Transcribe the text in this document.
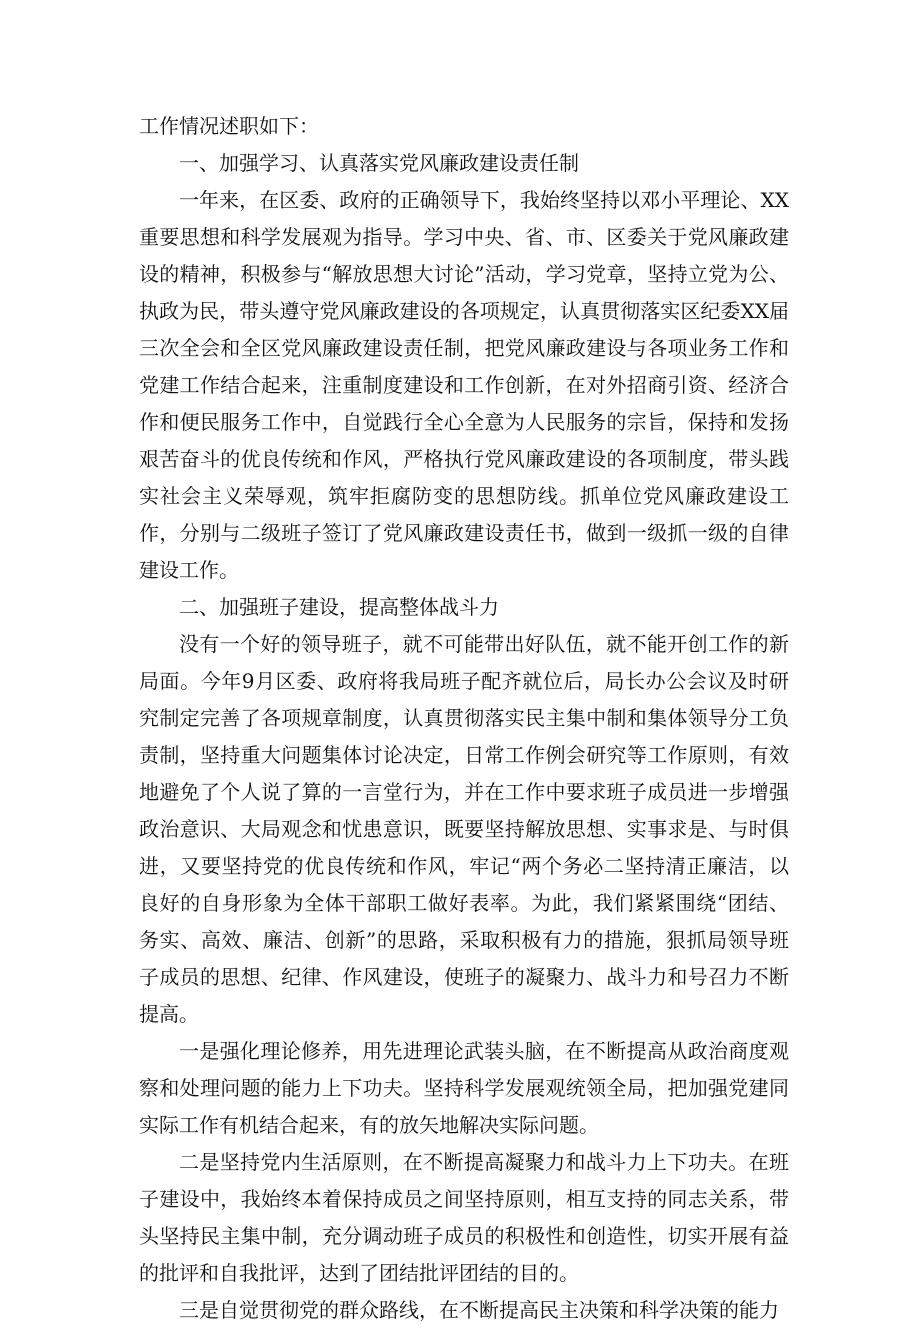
工作情况述职如下：

一、加强学习、认真落实党风廉政建设责任制

一年来，在区委、政府的正确领导下，我始终坚持以邓小平理论、XX重要思想和科学发展观为指导。学习中央、省、市、区委关于党风廉政建设的精神，积极参与“解放思想大讨论”活动，学习党章，坚持立党为公、执政为民，带头遵守党风廉政建设的各项规定，认真贯彻落实区纪委XX届三次全会和全区党风廉政建设责任制，把党风廉政建设与各项业务工作和党建工作结合起来，注重制度建设和工作创新，在对外招商引资、经济合作和便民服务工作中，自觉践行全心全意为人民服务的宗旨，保持和发扬艰苦奋斗的优良传统和作风，严格执行党风廉政建设的各项制度，带头践实社会主义荣辱观，筑牢拒腐防变的思想防线。抓单位党风廉政建设工作，分别与二级班子签订了党风廉政建设责任书，做到一级抓一级的自律建设工作。

二、加强班子建设，提高整体战斗力

没有一个好的领导班子，就不可能带出好队伍，就不能开创工作的新局面。今年9月区委、政府将我局班子配齐就位后，局长办公会议及时研究制定完善了各项规章制度，认真贯彻落实民主集中制和集体领导分工负责制，坚持重大问题集体讨论决定，日常工作例会研究等工作原则，有效地避免了个人说了算的一言堂行为，并在工作中要求班子成员进一步增强政治意识、大局观念和忧患意识，既要坚持解放思想、实事求是、与时俱进，又要坚持党的优良传统和作风，牢记“两个务必二坚持清正廉洁，以良好的自身形象为全体干部职工做好表率。为此，我们紧紧围绕“团结、务实、高效、廉洁、创新”的思路，采取积极有力的措施，狠抓局领导班子成员的思想、纪律、作风建设，使班子的凝聚力、战斗力和号召力不断提高。

一是强化理论修养，用先进理论武装头脑，在不断提高从政治商度观察和处理问题的能力上下功夫。坚持科学发展观统领全局，把加强党建同实际工作有机结合起来，有的放矢地解决实际问题。

二是坚持党内生活原则，在不断提高凝聚力和战斗力上下功夫。在班子建设中，我始终本着保持成员之间坚持原则，相互支持的同志关系，带头坚持民主集中制，充分调动班子成员的积极性和创造性，切实开展有益的批评和自我批评，达到了团结批评团结的目的。

三是自觉贯彻党的群众路线，在不断提高民主决策和科学决策的能力
